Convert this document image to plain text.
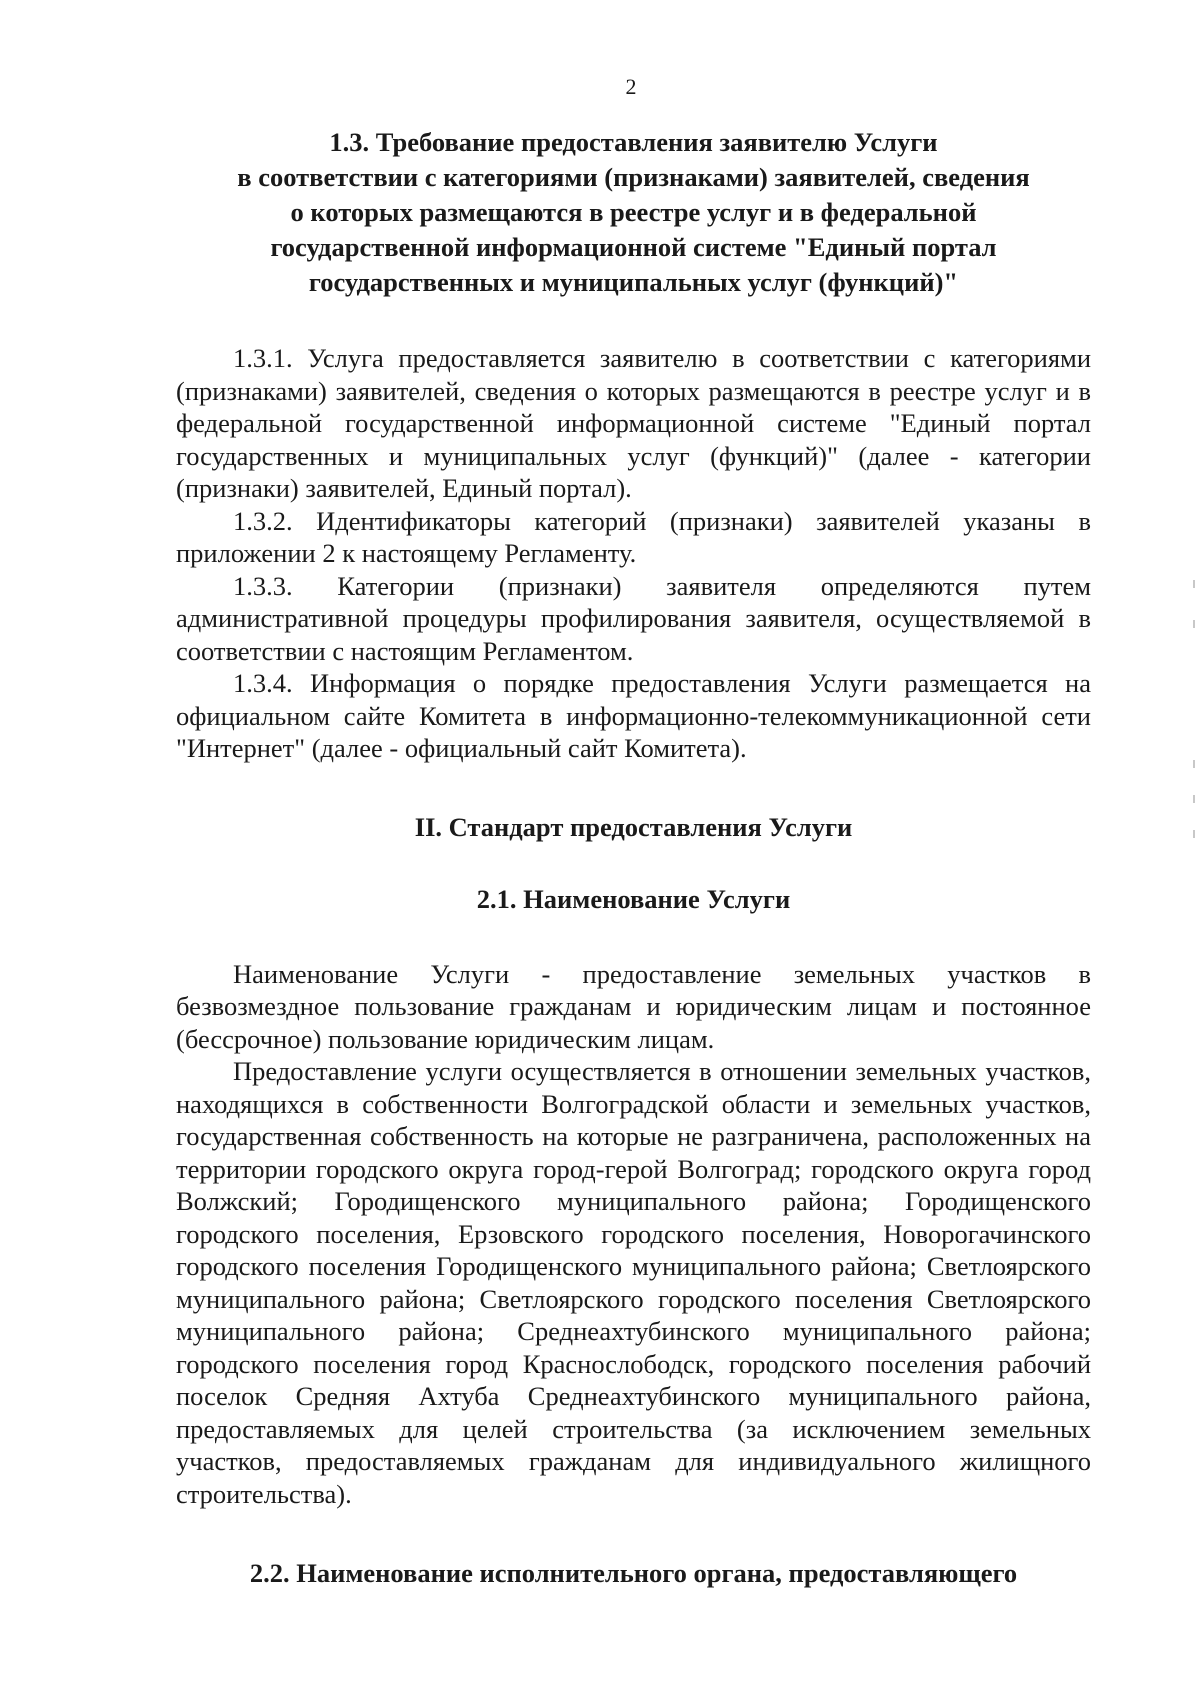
2
1.3. Требование предоставления заявителю Услуги
в соответствии с категориями (признаками) заявителей, сведения
о которых размещаются в реестре услуг и в федеральной
государственной информационной системе "Единый портал
государственных и муниципальных услуг (функций)"

1.3.1. Услуга предоставляется заявителю в соответствии с категориями (признаками) заявителей, сведения о которых размещаются в реестре услуг и в федеральной государственной информационной системе "Единый портал государственных и муниципальных услуг (функций)" (далее - категории (признаки) заявителей, Единый портал).

1.3.2. Идентификаторы категорий (признаки) заявителей указаны в приложении 2 к настоящему Регламенту.

1.3.3. Категории (признаки) заявителя определяются путем административной процедуры профилирования заявителя, осуществляемой в соответствии с настоящим Регламентом.

1.3.4. Информация о порядке предоставления Услуги размещается на официальном сайте Комитета в информационно-телекоммуникационной сети "Интернет" (далее - официальный сайт Комитета).

II. Стандарт предоставления Услуги
2.1. Наименование Услуги

Наименование Услуги - предоставление земельных участков в безвозмездное пользование гражданам и юридическим лицам и постоянное (бессрочное) пользование юридическим лицам.

Предоставление услуги осуществляется в отношении земельных участков, находящихся в собственности Волгоградской области и земельных участков, государственная собственность на которые не разграничена, расположенных на территории городского округа город-герой Волгоград; городского округа город Волжский; Городищенского муниципального района; Городищенского городского поселения, Ерзовского городского поселения, Новорогачинского городского поселения Городищенского муниципального района; Светлоярского муниципального района; Светлоярского городского поселения Светлоярского муниципального района; Среднеахтубинского муниципального района; городского поселения город Краснослободск, городского поселения рабочий поселок Средняя Ахтуба Среднеахтубинского муниципального района, предоставляемых для целей строительства (за исключением земельных участков, предоставляемых гражданам для индивидуального жилищного строительства).

2.2. Наименование исполнительного органа, предоставляющего
